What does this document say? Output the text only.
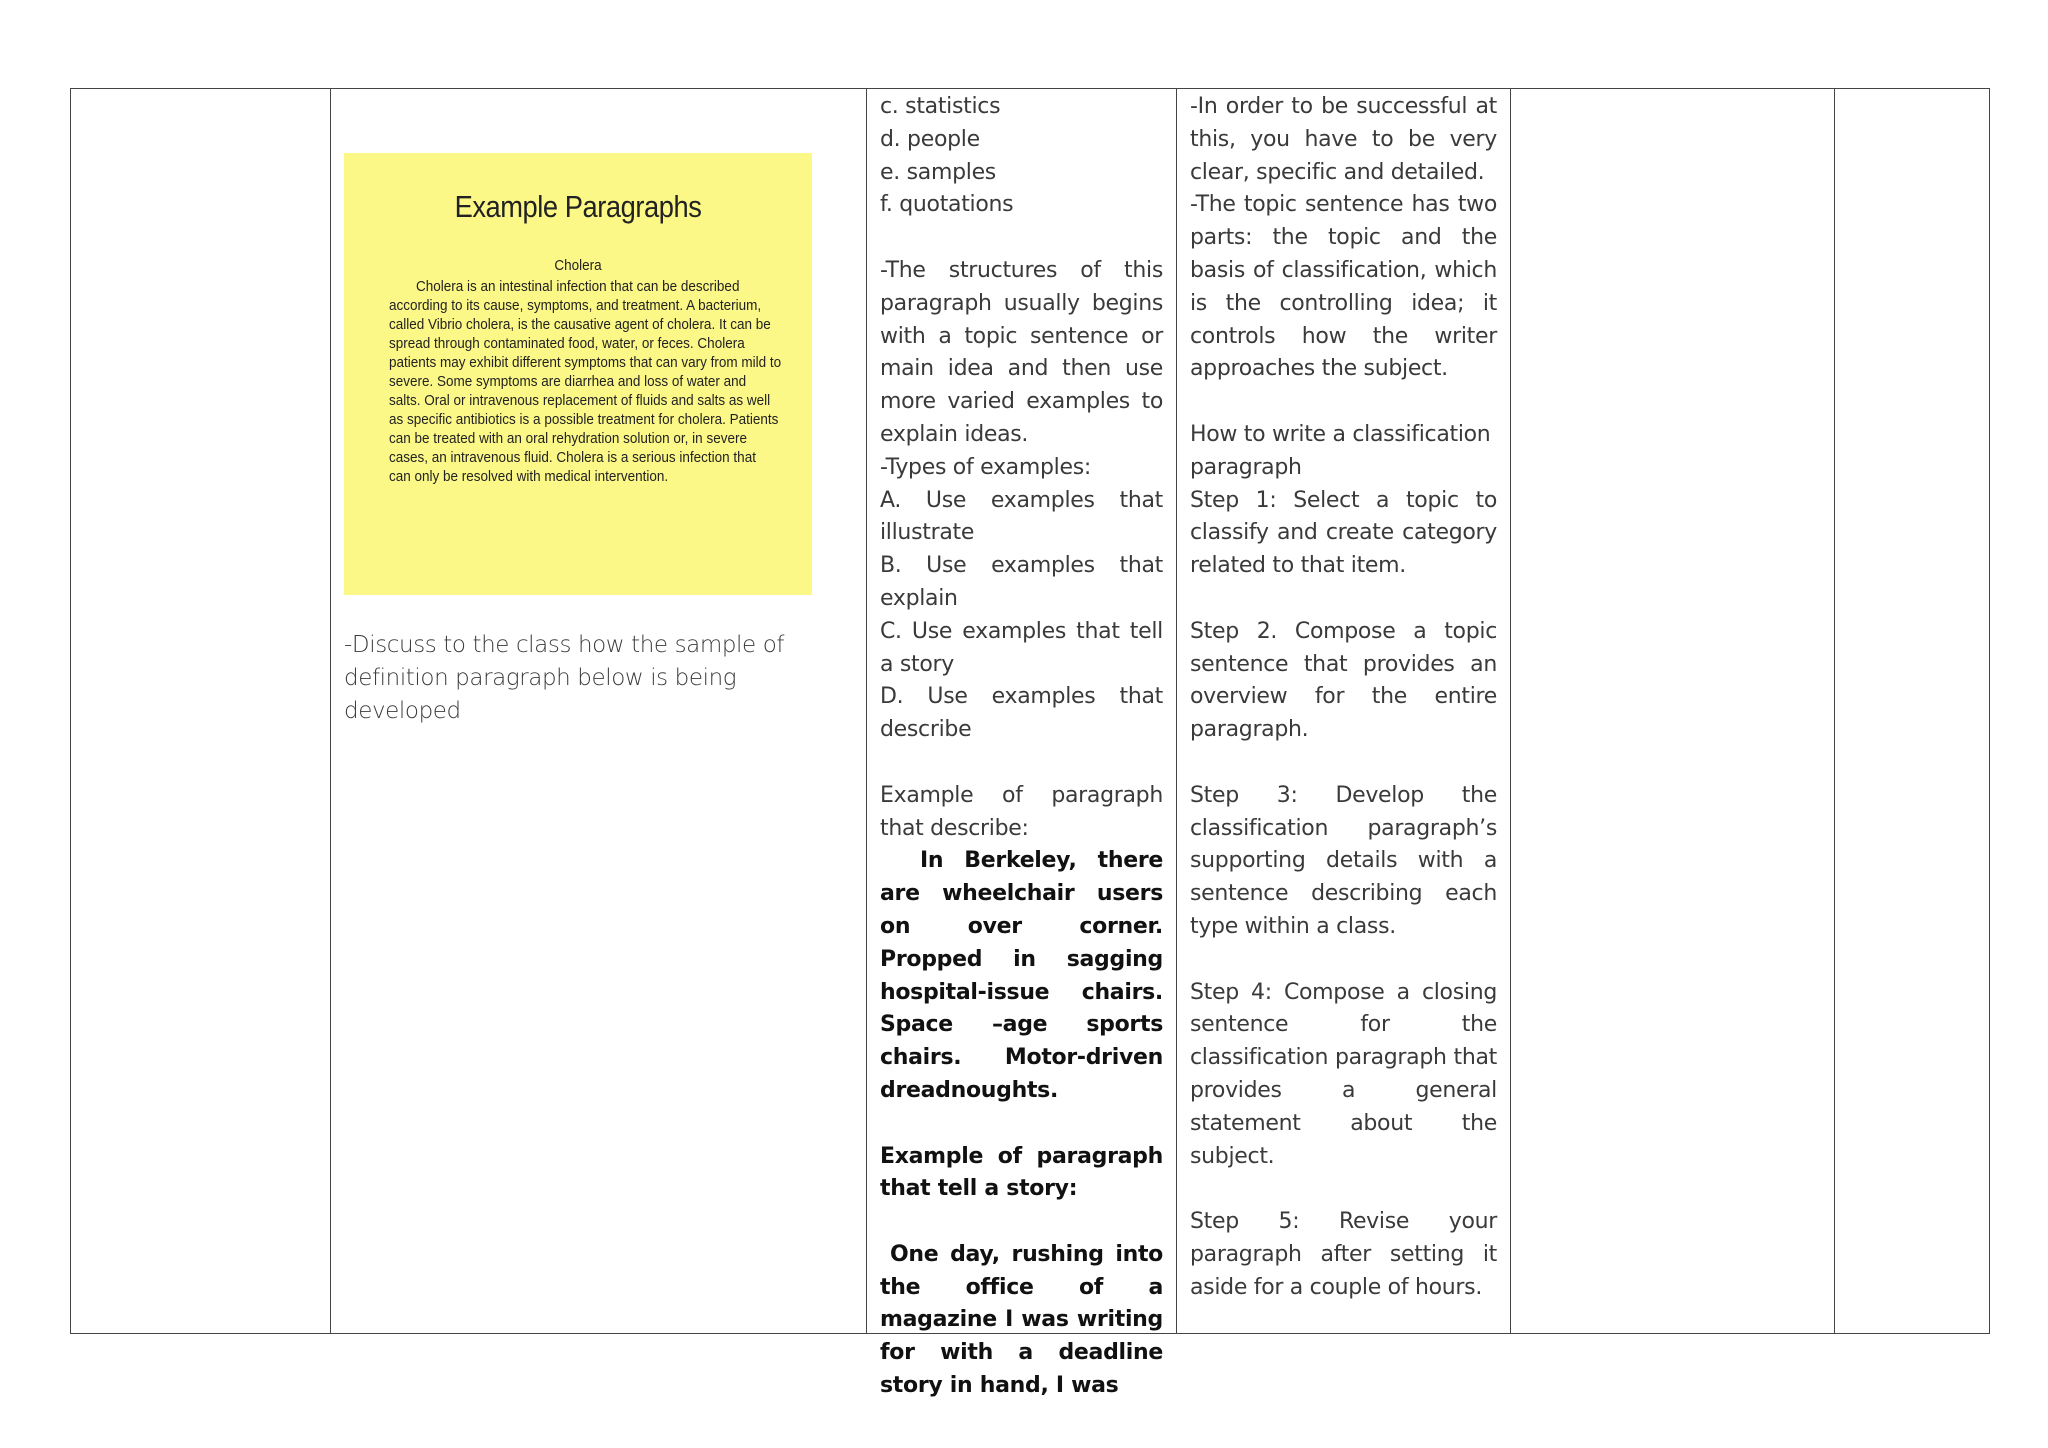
Example Paragraphs
Cholera
Cholera is an intestinal infection that can be described according to its cause, symptoms, and treatment. A bacterium, called Vibrio cholera, is the causative agent of cholera. It can be spread through contaminated food, water, or feces. Cholera patients may exhibit different symptoms that can vary from mild to severe. Some symptoms are diarrhea and loss of water and salts. Oral or intravenous replacement of fluids and salts as well as specific antibiotics is a possible treatment for cholera. Patients can be treated with an oral rehydration solution or, in severe cases, an intravenous fluid. Cholera is a serious infection that can only be resolved with medical intervention.
-Discuss to the class how the sample of definition paragraph below is being developed

c. statistics

d. people

e. samples

f. quotations

-The structures of this paragraph usually begins with a topic sentence or main idea and then use more varied examples to explain ideas.

-Types of examples:

A. Use examples that illustrate

B. Use examples that explain

C. Use examples that tell a story

D. Use examples that describe

Example of paragraph that describe:

In Berkeley, there are wheelchair users on over corner. Propped in sagging hospital-issue chairs. Space –age sports chairs. Motor-driven dreadnoughts.

Example of paragraph that tell a story:

One day, rushing into the office of a magazine I was writing for with a deadline story in hand, I was

-In order to be successful at this, you have to be very clear, specific and detailed.

-The topic sentence has two parts: the topic and the basis of classification, which is the controlling idea; it controls how the writer approaches the subject.

How to write a classification paragraph

Step 1: Select a topic to classify and create category related to that item.

Step 2. Compose a topic sentence that provides an overview for the entire paragraph.

Step 3: Develop the classification paragraph’s supporting details with a sentence describing each type within a class.

Step 4: Compose a closing sentence for the classification paragraph that provides a general statement about the subject.

Step 5: Revise your paragraph after setting it aside for a couple of hours.
